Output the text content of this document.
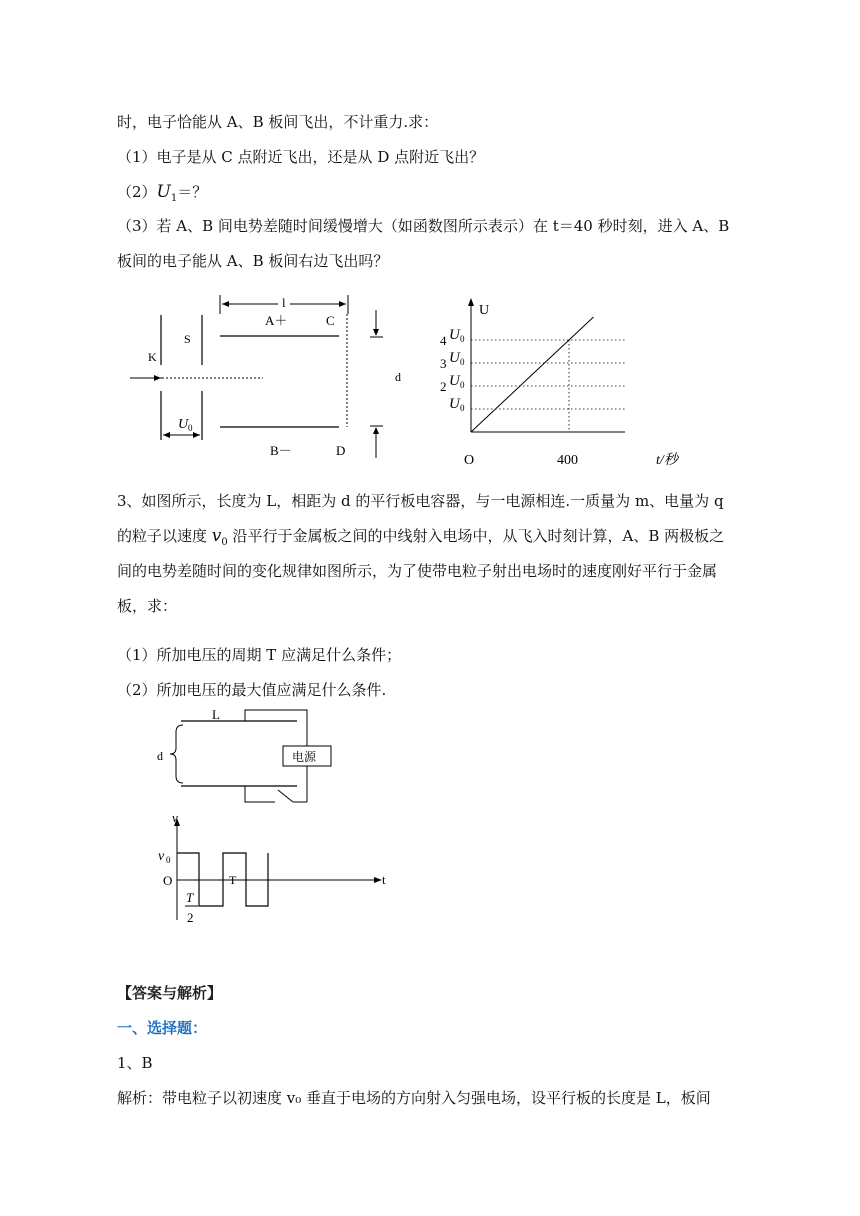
时，电子恰能从 A、B 板间飞出，不计重力.求：
（1）电子是从 C 点附近飞出，还是从 D 点附近飞出？
$(2)U_1=$？
（3）若 A、B 间电势差随时间缓慢增大（如函数图所示表示）在 t＝40 秒时刻，进入 A、B
板间的电子能从 A、B 板间右边飞出吗？
l
A＋	C
S
K
U 0
d
B－	D
U
4 U 0
3 U 0
2 U 0
U 0
O	400	t/秒
3、如图所示，长度为 L，相距为 d 的平行板电容器，与一电源相连.一质量为 m、电量为 q
的粒子以速度 $v_0$ 沿平行于金属板之间的中线射入电场中，从飞入时刻计算，A、B 两极板之
间的电势差随时间的变化规律如图所示，为了使带电粒子射出电场时的速度刚好平行于金属
板，求：
（1）所加电压的周期 T 应满足什么条件；
（2）所加电压的最大值应满足什么条件.
L
d	电源
v
t
v 0
O	T
T
2
【答案与解析】
一、选择题：
1、B
解析：带电粒子以初速度 v₀ 垂直于电场的方向射入匀强电场，设平行板的长度是 L，板间
